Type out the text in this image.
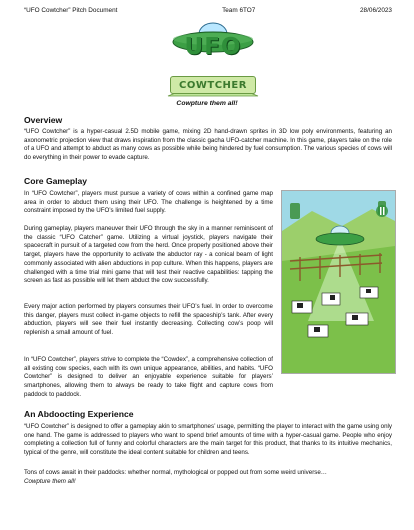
“UFO Cowtcher” Pitch Document	Team 6TO7	28/06/2023
UFO
COWTCHER
Cowpture them all!
Overview

“UFO Cowtcher” is a hyper-casual 2.5D mobile game, mixing 2D hand-drawn sprites in 3D low poly environments, featuring an axonometric projection view that draws inspiration from the classic gacha UFO-catcher machine. In this game, players take on the role of a UFO and attempt to abduct as many cows as possible while being hindered by fuel consumption. The various species of cows will do everything in their power to evade capture.

Core Gameplay

In “UFO Cowtcher”, players must pursue a variety of cows within a confined game map area in order to abduct them using their UFO. The challenge is heightened by a time constraint imposed by the UFO’s limited fuel supply.

During gameplay, players maneuver their UFO through the sky in a manner reminiscent of the classic “UFO Catcher” game. Utilizing a virtual joystick, players navigate their spacecraft in pursuit of a targeted cow from the herd. Once properly positioned above their target, players have the opportunity to activate the abductor ray - a conical beam of light commonly associated with alien abductions in pop culture. When this happens, players are challenged with a time trial mini game that will test their reactive capabilities: tapping the screen as fast as possible will let them abduct the cow successfully.

Every major action performed by players consumes their UFO’s fuel. In order to overcome this danger, players must collect in-game objects to refill the spaceship’s tank. After every abduction, players will see their fuel instantly decreasing. Collecting cow’s poop will replenish a small amount of fuel.

In “UFO Cowtcher”, players strive to complete the “Cowdex”, a comprehensive collection of all existing cow species, each with its own unique appearance, abilities, and habits. “UFO Cowtcher” is designed to deliver an enjoyable experience suitable for players’ smartphones, allowing them to always be ready to take flight and capture cows from paddock to paddock.

An Abdoocting Experience

“UFO Cowtcher” is designed to offer a gameplay akin to smartphones’ usage, permitting the player to interact with the game using only one hand. The game is addressed to players who want to spend brief amounts of time with a hyper-casual game. People who enjoy completing a collection full of funny and colorful characters are the main target for this product, that thanks to its intuitive mechanics, typical of the genre, will constitute the ideal content suitable for children and teens.

Tons of cows await in their paddocks: whether normal, mythological or popped out from some weird universe…

Cowpture them all!
